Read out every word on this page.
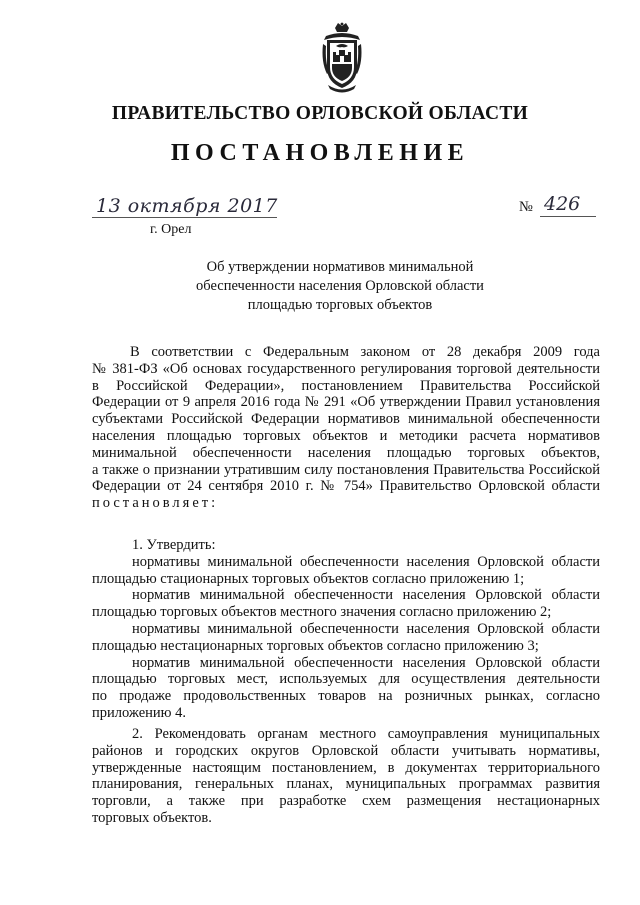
ПРАВИТЕЛЬСТВО ОРЛОВСКОЙ ОБЛАСТИ
ПОСТАНОВЛЕНИЕ
13 октября 2017
г. Орел
№ 426
Об утверждении нормативов минимальной
обеспеченности населения Орловской области
площадью торговых объектов
В соответствии с Федеральным законом от 28 декабря 2009 года
№ 381-ФЗ «Об основах государственного регулирования торговой деятельности
в Российской Федерации», постановлением Правительства Российской
Федерации от 9 апреля 2016 года № 291 «Об утверждении Правил установления
субъектами Российской Федерации нормативов минимальной обеспеченности
населения площадью торговых объектов и методики расчета нормативов
минимальной обеспеченности населения площадью торговых объектов,
а также о признании утратившим силу постановления Правительства Российской
Федерации от 24 сентября 2010 г. № 754» Правительство Орловской области
постановляет:
1. Утвердить:
нормативы минимальной обеспеченности населения Орловской области
площадью стационарных торговых объектов согласно приложению 1;
норматив минимальной обеспеченности населения Орловской области
площадью торговых объектов местного значения согласно приложению 2;
нормативы минимальной обеспеченности населения Орловской области
площадью нестационарных торговых объектов согласно приложению 3;
норматив минимальной обеспеченности населения Орловской области
площадью торговых мест, используемых для осуществления деятельности
по продаже продовольственных товаров на розничных рынках, согласно
приложению 4.
2. Рекомендовать органам местного самоуправления муниципальных
районов и городских округов Орловской области учитывать нормативы,
утвержденные настоящим постановлением, в документах территориального
планирования, генеральных планах, муниципальных программах развития
торговли, а также при разработке схем размещения нестационарных
торговых объектов.
